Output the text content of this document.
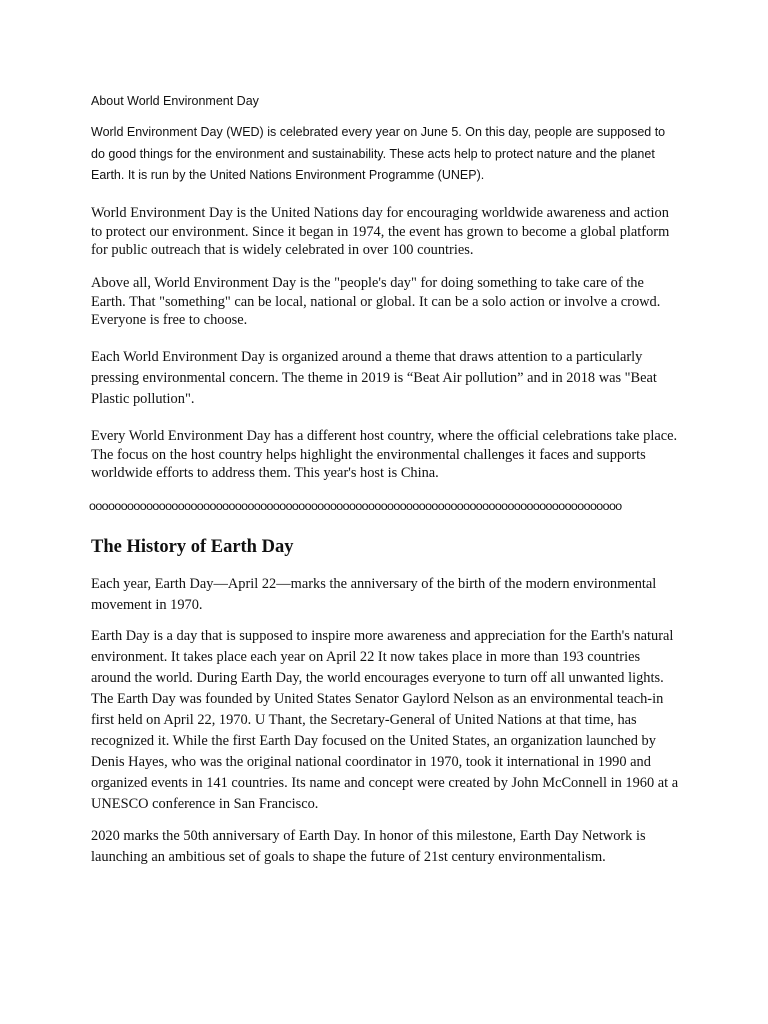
About World Environment Day

World Environment Day (WED) is celebrated every year on June 5. On this day, people are supposed to do good things for the environment and sustainability. These acts help to protect nature and the planet Earth. It is run by the United Nations Environment Programme (UNEP).

World Environment Day is the United Nations day for encouraging worldwide awareness and action to protect our environment. Since it began in 1974, the event has grown to become a global platform for public outreach that is widely celebrated in over 100 countries.

Above all, World Environment Day is the "people's day" for doing something to take care of the Earth. That "something" can be local, national or global. It can be a solo action or involve a crowd. Everyone is free to choose.

Each World Environment Day is organized around a theme that draws attention to a particularly pressing environmental concern. The theme in 2019 is “Beat Air pollution” and in 2018 was "Beat Plastic pollution".

Every World Environment Day has a different host country, where the official celebrations take place. The focus on the host country helps highlight the environmental challenges it faces and supports worldwide efforts to address them. This year's host is China.

oooooooooooooooooooooooooooooooooooooooooooooooooooooooooooooooooooooooooooooooooooo
The History of Earth Day

Each year, Earth Day—April 22—marks the anniversary of the birth of the modern environmental movement in 1970.

Earth Day is a day that is supposed to inspire more awareness and appreciation for the Earth's natural environment. It takes place each year on April 22 It now takes place in more than 193 countries around the world. During Earth Day, the world encourages everyone to turn off all unwanted lights. The Earth Day was founded by United States Senator Gaylord Nelson as an environmental teach-in first held on April 22, 1970. U Thant, the Secretary-General of United Nations at that time, has recognized it. While the first Earth Day focused on the United States, an organization launched by Denis Hayes, who was the original national coordinator in 1970, took it international in 1990 and organized events in 141 countries. Its name and concept were created by John McConnell in 1960 at a UNESCO conference in San Francisco.

2020 marks the 50th anniversary of Earth Day. In honor of this milestone, Earth Day Network is launching an ambitious set of goals to shape the future of 21st century environmentalism.
